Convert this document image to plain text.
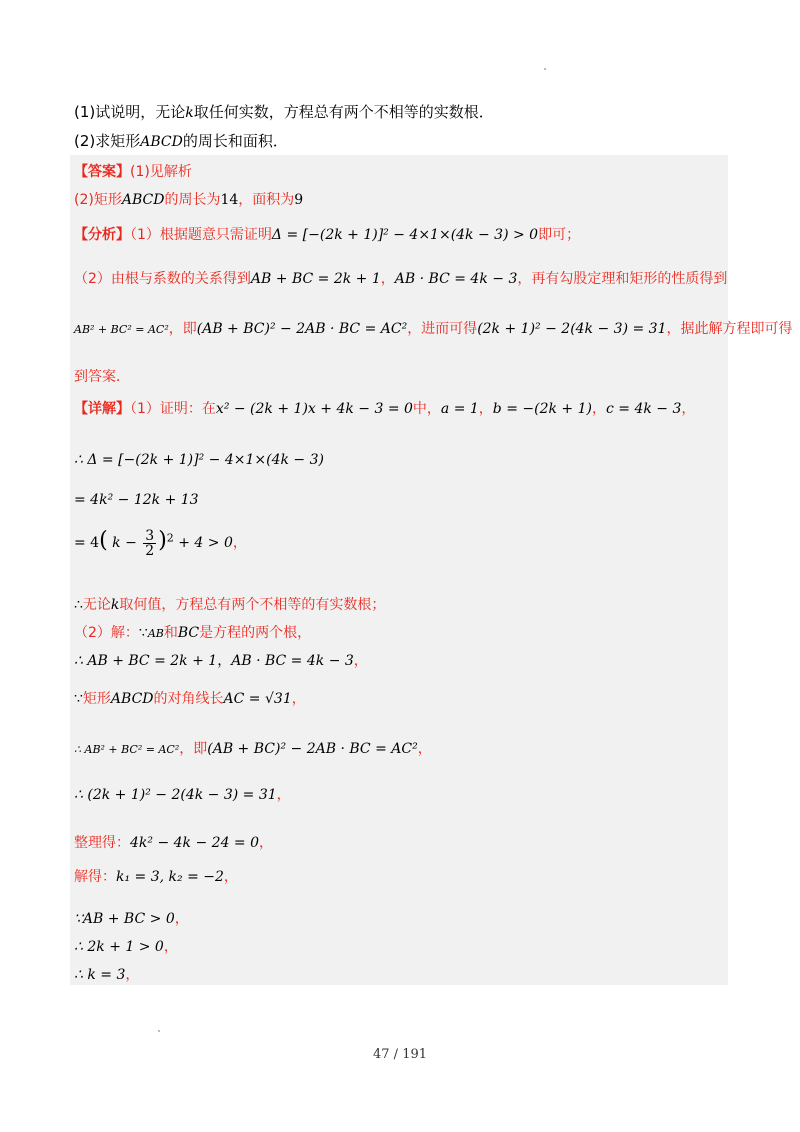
(1)试说明，无论k取任何实数，方程总有两个不相等的实数根．
(2)求矩形ABCD的周长和面积．
【答案】(1)见解析
(2)矩形ABCD的周长为14，面积为9
【分析】（1）根据题意只需证明Δ = [−(2k + 1)]² − 4×1×(4k − 3) > 0即可；
（2）由根与系数的关系得到AB + BC = 2k + 1，AB · BC = 4k − 3，再有勾股定理和矩形的性质得到
AB² + BC² = AC²，即(AB + BC)² − 2AB · BC = AC²，进而可得(2k + 1)² − 2(4k − 3) = 31，据此解方程即可得
到答案．
【详解】（1）证明：在x² − (2k + 1)x + 4k − 3 = 0中，a = 1，b = −(2k + 1)，c = 4k − 3，
∴ Δ = [−(2k + 1)]² − 4×1×(4k − 3)
= 4k² − 12k + 13
= 4( $k - \frac{3}{2} )^2 + 4 > 0$，
∴无论k取何值，方程总有两个不相等的有实数根；
（2）解：∵AB和BC是方程的两个根，
∴ AB + BC = 2k + 1，AB · BC = 4k − 3，
∵矩形ABCD的对角线长AC = √31，
∴ AB² + BC² = AC²，即(AB + BC)² − 2AB · BC = AC²，
∴ (2k + 1)² − 2(4k − 3) = 31，
整理得：4k² − 4k − 24 = 0，
解得：k₁ = 3, k₂ = −2，
∵AB + BC > 0，
∴ 2k + 1 > 0，
∴ k = 3，
47 / 191
